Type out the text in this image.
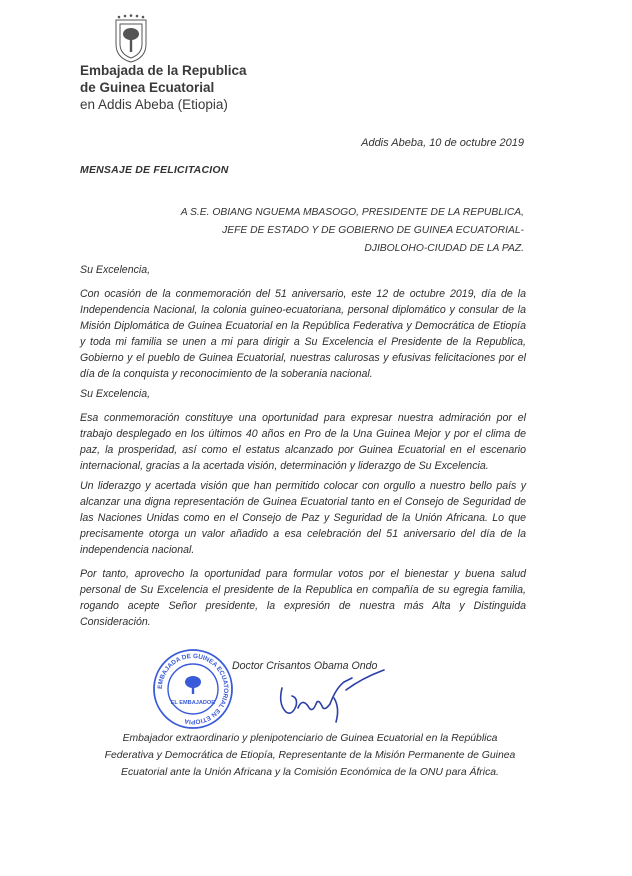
Embajada de la Republica
de Guinea Ecuatorial
en Addis Abeba (Etiopia)
Addis Abeba, 10 de octubre 2019
MENSAJE DE FELICITACION
A S.E. OBIANG NGUEMA MBASOGO, PRESIDENTE DE LA REPUBLICA,
JEFE DE ESTADO Y DE GOBIERNO DE GUINEA ECUATORIAL-
DJIBOLOHO-CIUDAD DE LA PAZ.
Su Excelencia,
Con ocasión de la conmemoración del 51 aniversario, este 12 de octubre 2019, día de la Independencia Nacional, la colonia guineo-ecuatoriana, personal diplomático y consular de la Misión Diplomática de Guinea Ecuatorial en la República Federativa y Democrática de Etiopía y toda mi familia se unen a mi para dirigir a Su Excelencia el Presidente de la Republica, Gobierno y el pueblo de Guinea Ecuatorial, nuestras calurosas y efusivas felicitaciones por el día de la conquista y reconocimiento de la soberania nacional.
Su Excelencia,
Esa conmemoración constituye una oportunidad para expresar nuestra admiración por el trabajo desplegado en los últimos 40 años en Pro de la Una Guinea Mejor y por el clima de paz, la prosperidad, así como el estatus alcanzado por Guinea Ecuatorial en el escenario internacional, gracias a la acertada visión, determinación y liderazgo de Su Excelencia.
Un liderazgo y acertada visión que han permitido colocar con orgullo a nuestro bello país y alcanzar una digna representación de Guinea Ecuatorial tanto en el Consejo de Seguridad de las Naciones Unidas como en el Consejo de Paz y Seguridad de la Unión Africana. Lo que precisamente otorga un valor añadido a esa celebración del 51 aniversario del día de la independencia nacional.
Por tanto, aprovecho la oportunidad para formular votos por el bienestar y buena salud personal de Su Excelencia el presidente de la Republica en compañía de su egregia familia, rogando acepte Señor presidente, la expresión de nuestra más Alta y Distinguida Consideración.
EMBAJADA DE GUINEA ECUATORIAL EN ETIOPIA
EL EMBAJADOR
Doctor Crisantos Obama Ondo
Embajador extraordinario y plenipotenciario de Guinea Ecuatorial en la República
Federativa y Democrática de Etiopía, Representante de la Misión Permanente de Guinea
Ecuatorial ante la Unión Africana y la Comisión Económica de la ONU para África.
